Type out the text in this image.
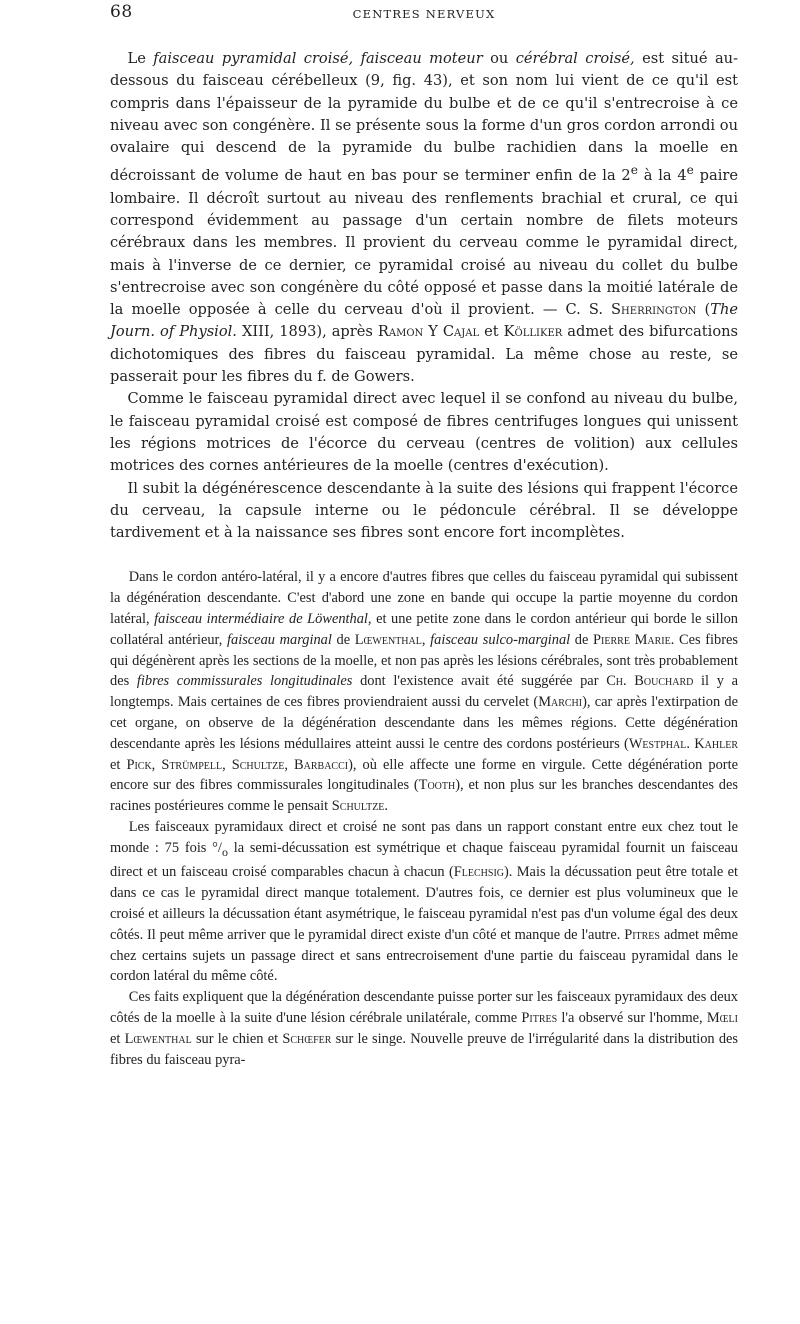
68	CENTRES NERVEUX

Le faisceau pyramidal croisé, faisceau moteur ou cérébral croisé, est situé au-dessous du faisceau cérébelleux (9, fig. 43), et son nom lui vient de ce qu'il est compris dans l'épaisseur de la pyramide du bulbe et de ce qu'il s'entrecroise à ce niveau avec son congénère. Il se présente sous la forme d'un gros cordon arrondi ou ovalaire qui descend de la pyramide du bulbe rachidien dans la moelle en décroissant de volume de haut en bas pour se terminer enfin de la 2e à la 4e paire lombaire. Il décroît surtout au niveau des renflements brachial et crural, ce qui correspond évidemment au passage d'un certain nombre de filets moteurs cérébraux dans les membres. Il provient du cerveau comme le pyramidal direct, mais à l'inverse de ce dernier, ce pyramidal croisé au niveau du collet du bulbe s'entrecroise avec son congénère du côté opposé et passe dans la moitié latérale de la moelle opposée à celle du cerveau d'où il provient. — C. S. Sherrington (The Journ. of Physiol. XIII, 1893), après Ramon Y Cajal et Kölliker admet des bifurcations dichotomiques des fibres du faisceau pyramidal. La même chose au reste, se passerait pour les fibres du f. de Gowers.

Comme le faisceau pyramidal direct avec lequel il se confond au niveau du bulbe, le faisceau pyramidal croisé est composé de fibres centrifuges longues qui unissent les régions motrices de l'écorce du cerveau (centres de volition) aux cellules motrices des cornes antérieures de la moelle (centres d'exécution).

Il subit la dégénérescence descendante à la suite des lésions qui frappent l'écorce du cerveau, la capsule interne ou le pédoncule cérébral. Il se développe tardivement et à la naissance ses fibres sont encore fort incomplètes.

Dans le cordon antéro-latéral, il y a encore d'autres fibres que celles du faisceau pyramidal qui subissent la dégénération descendante. C'est d'abord une zone en bande qui occupe la partie moyenne du cordon latéral, faisceau intermédiaire de Löwenthal, et une petite zone dans le cordon antérieur qui borde le sillon collatéral antérieur, faisceau marginal de Lœwenthal, faisceau sulco-marginal de Pierre Marie. Ces fibres qui dégénèrent après les sections de la moelle, et non pas après les lésions cérébrales, sont très probablement des fibres commissurales longitudinales dont l'existence avait été suggérée par Ch. Bouchard il y a longtemps. Mais certaines de ces fibres proviendraient aussi du cervelet (Marchi), car après l'extirpation de cet organe, on observe de la dégénération descendante dans les mêmes régions. Cette dégénération descendante après les lésions médullaires atteint aussi le centre des cordons postérieurs (Westphal. Kahler et Pick, Strümpell, Schultze, Barbacci), où elle affecte une forme en virgule. Cette dégénération porte encore sur des fibres commissurales longitudinales (Tooth), et non plus sur les branches descendantes des racines postérieures comme le pensait Schultze.

Les faisceaux pyramidaux direct et croisé ne sont pas dans un rapport constant entre eux chez tout le monde : 75 fois $^\circ/_o$ la semi-décussation est symétrique et chaque faisceau pyramidal fournit un faisceau direct et un faisceau croisé comparables chacun à chacun (Flechsig). Mais la décussation peut être totale et dans ce cas le pyramidal direct manque totalement. D'autres fois, ce dernier est plus volumineux que le croisé et ailleurs la décussation étant asymétrique, le faisceau pyramidal n'est pas d'un volume égal des deux côtés. Il peut même arriver que le pyramidal direct existe d'un côté et manque de l'autre. Pitres admet même chez certains sujets un passage direct et sans entrecroisement d'une partie du faisceau pyramidal dans le cordon latéral du même côté.

Ces faits expliquent que la dégénération descendante puisse porter sur les faisceaux pyramidaux des deux côtés de la moelle à la suite d'une lésion cérébrale unilatérale, comme Pitres l'a observé sur l'homme, Mœli et Lœwenthal sur le chien et Schœfer sur le singe. Nouvelle preuve de l'irrégularité dans la distribution des fibres du faisceau pyra-
